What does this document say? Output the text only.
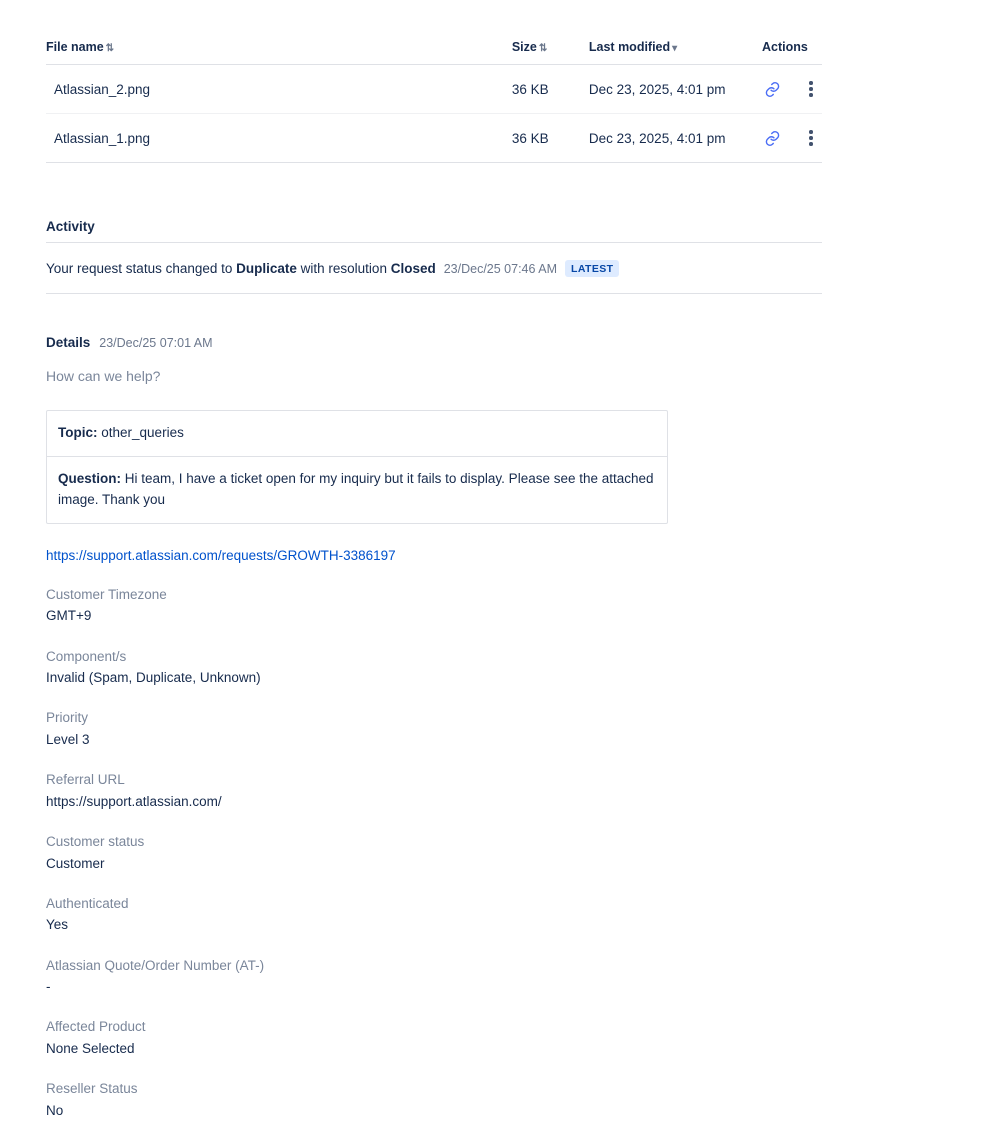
File name ⇅	Size ⇅	Last modified ▾	Actions
Atlassian_2.png	36 KB	Dec 23, 2025, 4:01 pm	

Atlassian_1.png	36 KB	Dec 23, 2025, 4:01 pm	
Activity
Your request status changed to Duplicate with resolution Closed 23/Dec/25 07:46 AM	LATEST
Details 23/Dec/25 07:01 AM
How can we help?
Topic: other_queries
Question: Hi team, I have a ticket open for my inquiry but it fails to display. Please see the attached image. Thank you
https://support.atlassian.com/requests/GROWTH-3386197
Customer Timezone
GMT+9
Component/s
Invalid (Spam, Duplicate, Unknown)
Priority
Level 3
Referral URL
https://support.atlassian.com/
Customer status
Customer
Authenticated
Yes
Atlassian Quote/Order Number (AT-)
-
Affected Product
None Selected
Reseller Status
No
